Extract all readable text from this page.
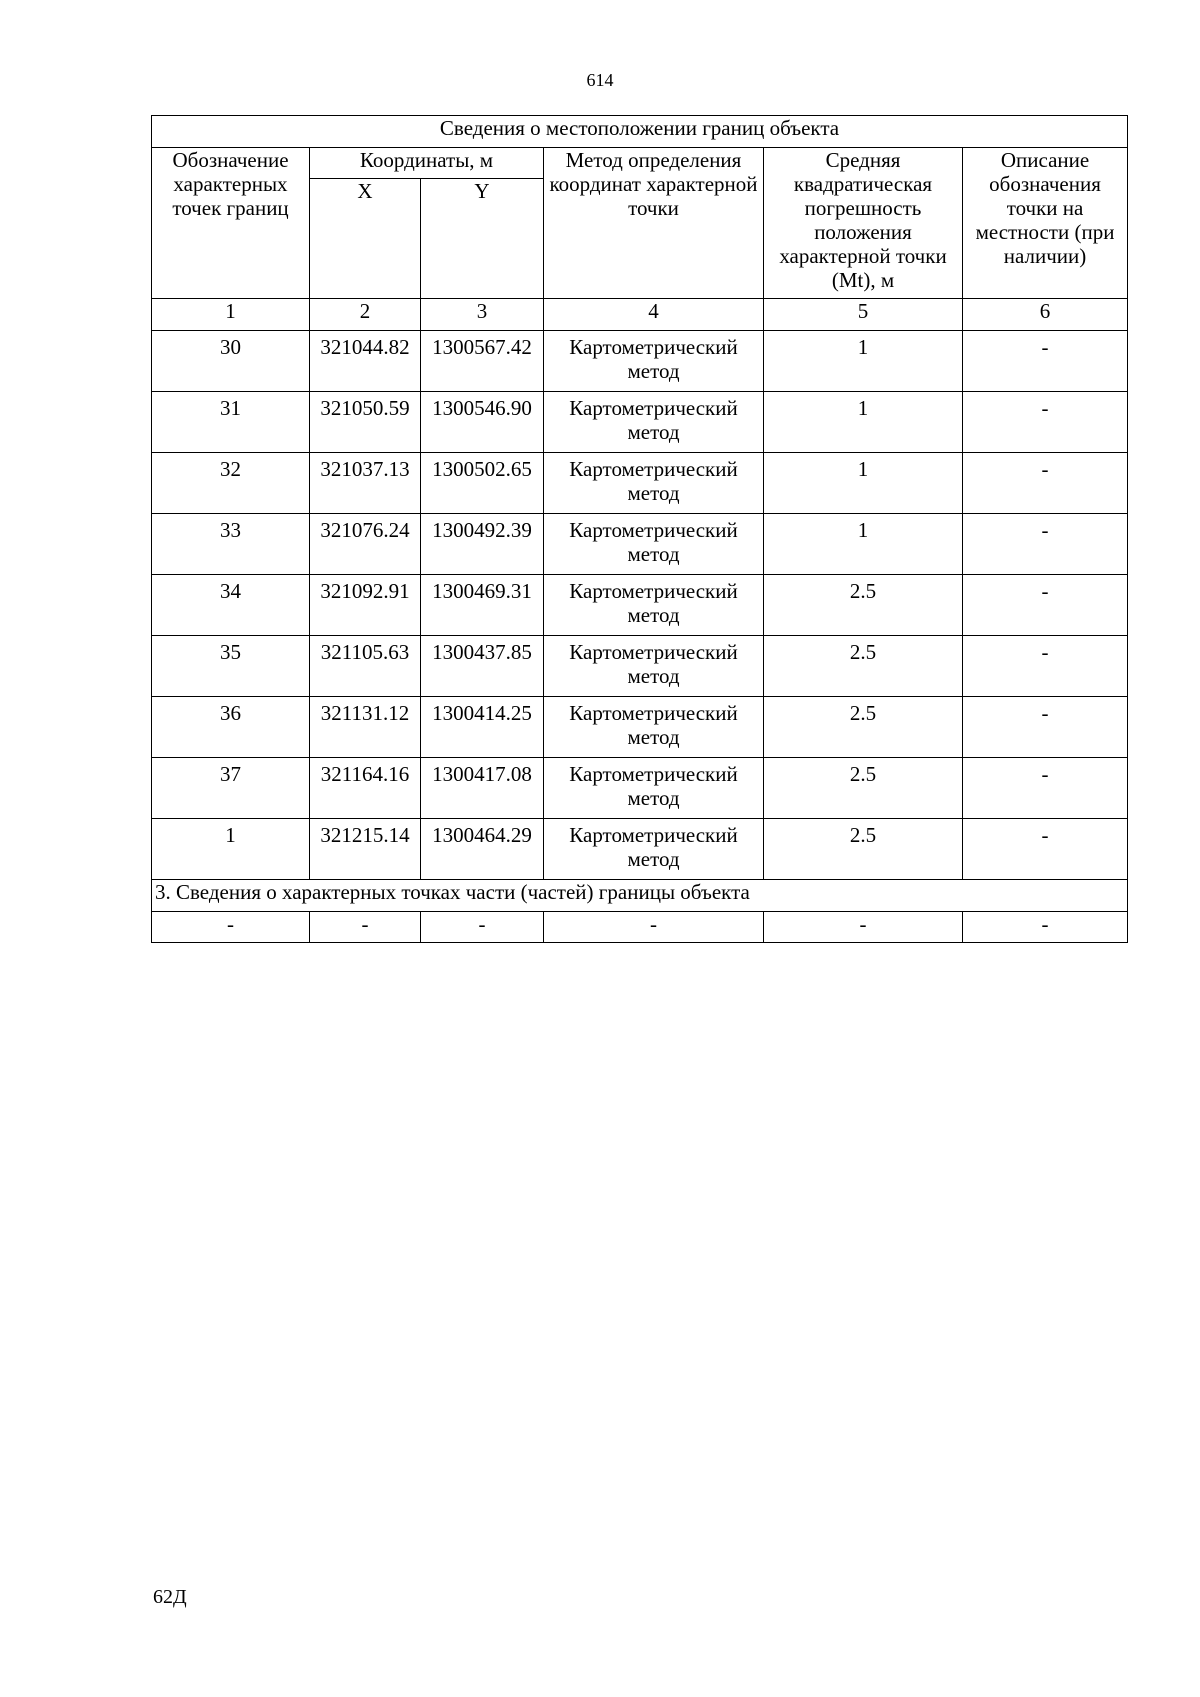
614
Сведения о местоположении границ объекта					
Обозначение характерных точек границ	Координаты, м		Метод определения координат характерной точки	Средняя квадратическая погрешность положения характерной точки (Mt), м	Описание обозначения точки на местности (при наличии)
	X	Y			
1	2	3	4	5	6
30	321044.82	1300567.42	Картометрический метод	1	-
31	321050.59	1300546.90	Картометрический метод	1	-
32	321037.13	1300502.65	Картометрический метод	1	-
33	321076.24	1300492.39	Картометрический метод	1	-
34	321092.91	1300469.31	Картометрический метод	2.5	-
35	321105.63	1300437.85	Картометрический метод	2.5	-
36	321131.12	1300414.25	Картометрический метод	2.5	-
37	321164.16	1300417.08	Картометрический метод	2.5	-
1	321215.14	1300464.29	Картометрический метод	2.5	-
3. Сведения о характерных точках части (частей) границы объекта					
-	-	-	-	-	-
62Д
